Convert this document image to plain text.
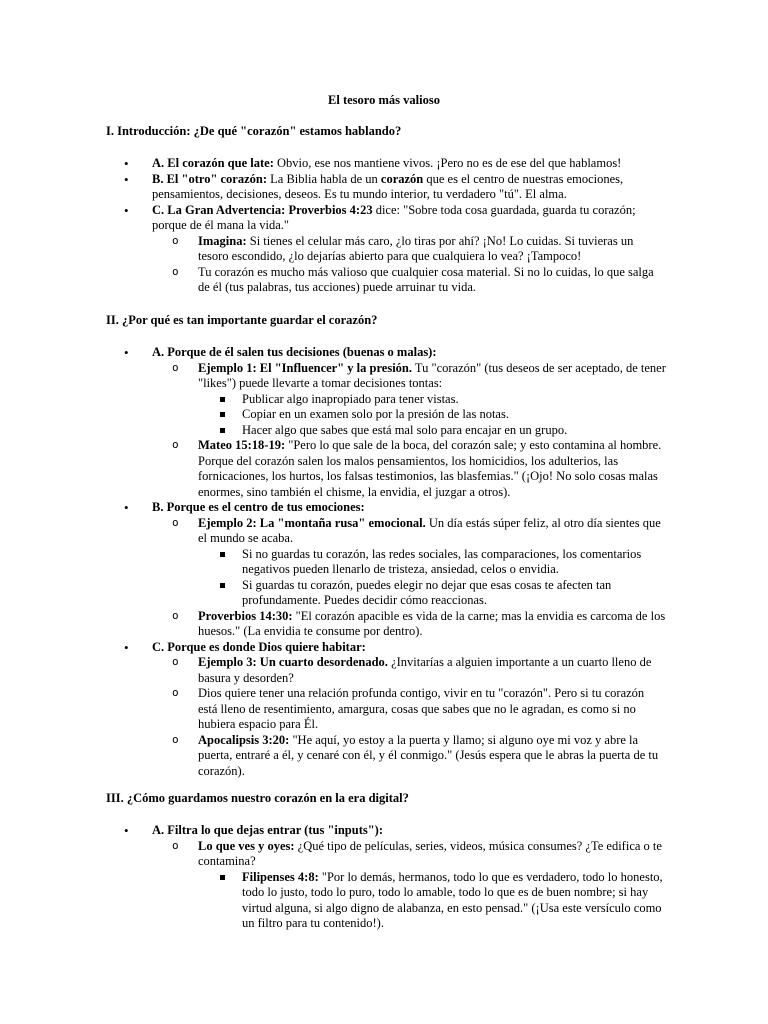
El tesoro más valioso
I. Introducción: ¿De qué "corazón" estamos hablando?
• A. El corazón que late: Obvio, ese nos mantiene vivos. ¡Pero no es de ese del que hablamos!
• B. El "otro" corazón: La Biblia habla de un corazón que es el centro de nuestras emociones, pensamientos, decisiones, deseos. Es tu mundo interior, tu verdadero "tú". El alma.
• C. La Gran Advertencia: Proverbios 4:23 dice: "Sobre toda cosa guardada, guarda tu corazón; porque de él mana la vida."
o Imagina: Si tienes el celular más caro, ¿lo tiras por ahí? ¡No! Lo cuidas. Si tuvieras un tesoro escondido, ¿lo dejarías abierto para que cualquiera lo vea? ¡Tampoco!
o Tu corazón es mucho más valioso que cualquier cosa material. Si no lo cuidas, lo que salga de él (tus palabras, tus acciones) puede arruinar tu vida.
II. ¿Por qué es tan importante guardar el corazón?
• A. Porque de él salen tus decisiones (buenas o malas):
o Ejemplo 1: El "Influencer" y la presión. Tu "corazón" (tus deseos de ser aceptado, de tener "likes") puede llevarte a tomar decisiones tontas:
Publicar algo inapropiado para tener vistas.
Copiar en un examen solo por la presión de las notas.
Hacer algo que sabes que está mal solo para encajar en un grupo.
o Mateo 15:18-19: "Pero lo que sale de la boca, del corazón sale; y esto contamina al hombre. Porque del corazón salen los malos pensamientos, los homicidios, los adulterios, las fornicaciones, los hurtos, los falsas testimonios, las blasfemias." (¡Ojo! No solo cosas malas enormes, sino también el chisme, la envidia, el juzgar a otros).
• B. Porque es el centro de tus emociones:
o Ejemplo 2: La "montaña rusa" emocional. Un día estás súper feliz, al otro día sientes que el mundo se acaba.
Si no guardas tu corazón, las redes sociales, las comparaciones, los comentarios negativos pueden llenarlo de tristeza, ansiedad, celos o envidia.
Si guardas tu corazón, puedes elegir no dejar que esas cosas te afecten tan profundamente. Puedes decidir cómo reaccionas.
o Proverbios 14:30: "El corazón apacible es vida de la carne; mas la envidia es carcoma de los huesos." (La envidia te consume por dentro).
• C. Porque es donde Dios quiere habitar:
o Ejemplo 3: Un cuarto desordenado. ¿Invitarías a alguien importante a un cuarto lleno de basura y desorden?
o Dios quiere tener una relación profunda contigo, vivir en tu "corazón". Pero si tu corazón está lleno de resentimiento, amargura, cosas que sabes que no le agradan, es como si no hubiera espacio para Él.
o Apocalipsis 3:20: "He aquí, yo estoy a la puerta y llamo; si alguno oye mi voz y abre la puerta, entraré a él, y cenaré con él, y él conmigo." (Jesús espera que le abras la puerta de tu corazón).
III. ¿Cómo guardamos nuestro corazón en la era digital?
• A. Filtra lo que dejas entrar (tus "inputs"):
o Lo que ves y oyes: ¿Qué tipo de películas, series, videos, música consumes? ¿Te edifica o te contamina?
Filipenses 4:8: "Por lo demás, hermanos, todo lo que es verdadero, todo lo honesto, todo lo justo, todo lo puro, todo lo amable, todo lo que es de buen nombre; si hay virtud alguna, si algo digno de alabanza, en esto pensad." (¡Usa este versículo como un filtro para tu contenido!).
